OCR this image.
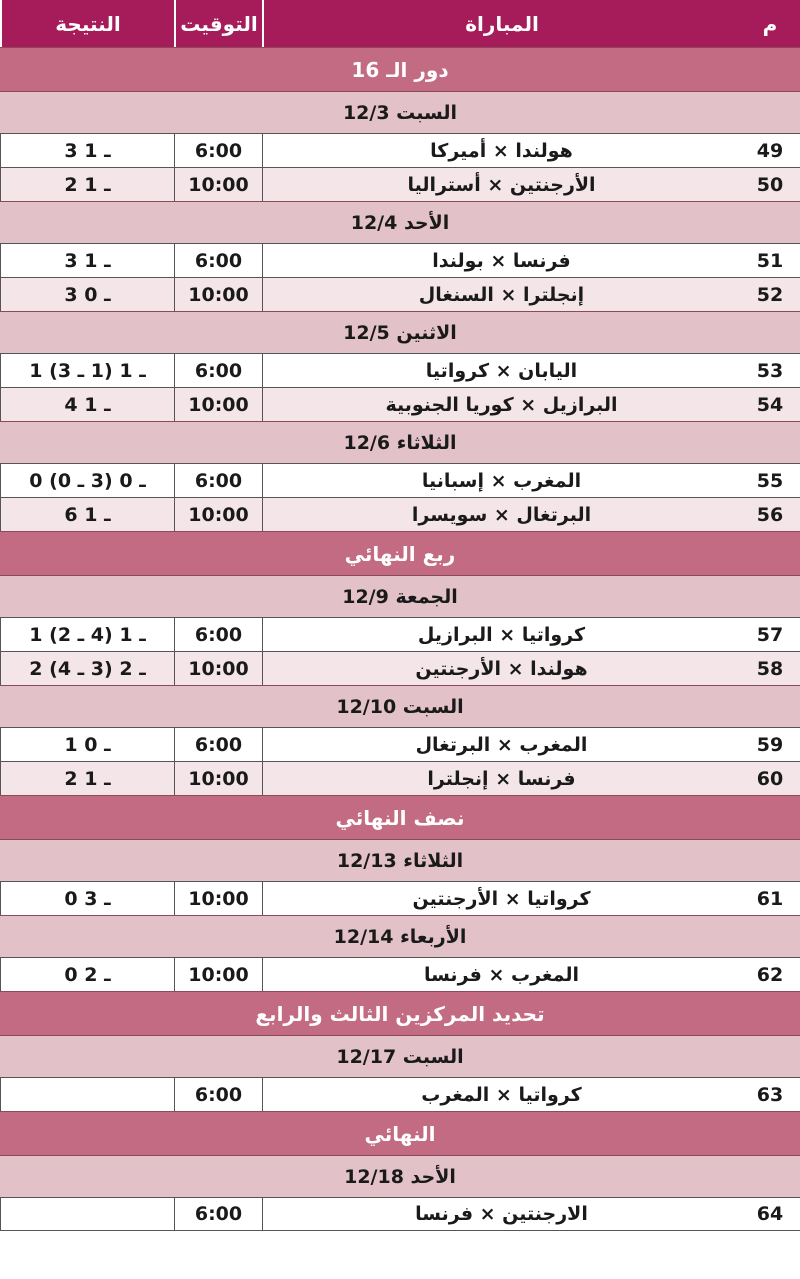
النتيجة	التوقيت	المباراة	م
دور الـ 16
السبت 12/3
3 ـ 1	6:00	هولندا × أميركا	49
2 ـ 1	10:00	الأرجنتين × أستراليا	50
الأحد 12/4
3 ـ 1	6:00	فرنسا × بولندا	51
3 ـ 0	10:00	إنجلترا × السنغال	52
الاثنين 12/5
1 ـ 1 (1 ـ 3)	6:00	اليابان × كرواتيا	53
4 ـ 1	10:00	البرازيل × كوريا الجنوبية	54
الثلاثاء 12/6
0 ـ 0 (3 ـ 0)	6:00	المغرب × إسبانيا	55
6 ـ 1	10:00	البرتغال × سويسرا	56
ربع النهائي
الجمعة 12/9
1 ـ 1 (4 ـ 2)	6:00	كرواتيا × البرازيل	57
2 ـ 2 (3 ـ 4)	10:00	هولندا × الأرجنتين	58
السبت 12/10
1 ـ 0	6:00	المغرب × البرتغال	59
2 ـ 1	10:00	فرنسا × إنجلترا	60
نصف النهائي
الثلاثاء 12/13
0 ـ 3	10:00	كرواتيا × الأرجنتين	61
الأربعاء 12/14
0 ـ 2	10:00	المغرب × فرنسا	62
تحديد المركزين الثالث والرابع
السبت 12/17
6:00	كرواتيا × المغرب	63
النهائي
الأحد 12/18
6:00	الارجنتين × فرنسا	64
